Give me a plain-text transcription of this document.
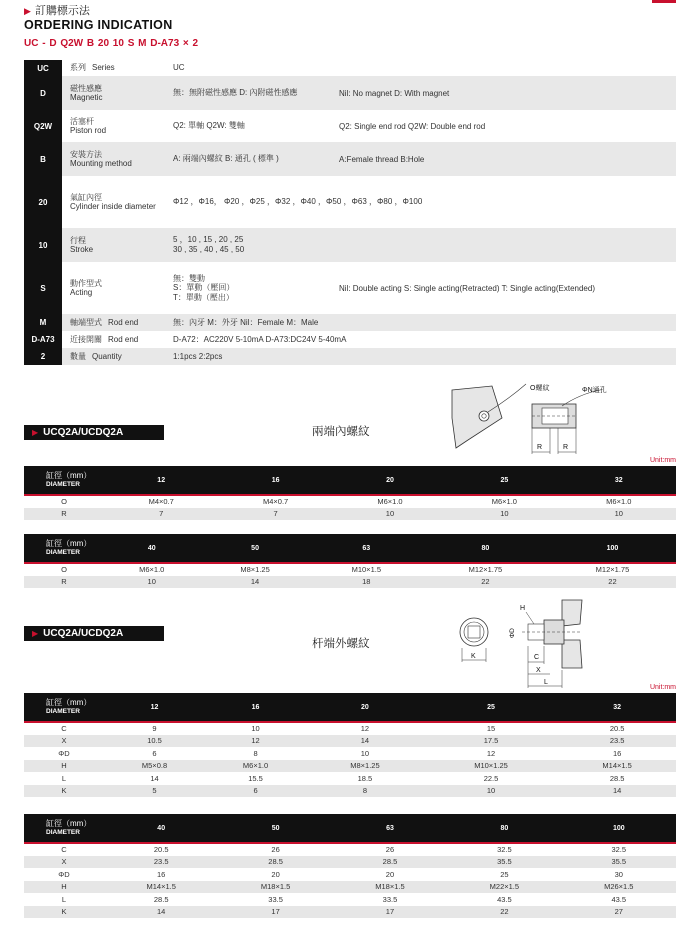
▶ 訂購標示法
ORDERING INDICATION
UC - D Q2W B 20 10 S M D-A73 × 2
UC	系列 Series	UC	

D	磁性感應
Magnetic	無：無附磁性感應 D: 內附磁性感應	Nil: No magnet D: With magnet
Q2W	活塞杆
Piston rod	Q2: 單軸 Q2W: 雙軸	Q2: Single end rod Q2W: Double end rod
B	安裝方法
Mounting method	A: 兩端內螺紋 B: 通孔 ( 標準 )	A:Female thread B:Hole
20	氣缸內徑
Cylinder inside diameter	Φ12 ，Φ16， Φ20 ，Φ25 ，Φ32 ，Φ40 ，Φ50 ，Φ63 ，Φ80 ，Φ100	

10	行程
Stroke	5 ，10 , 15 , 20 , 25
30 , 35 , 40 , 45 , 50	

S	動作型式
Acting	無：雙動
S：單動（壓回）
T：單動（壓出）	Nil: Double acting S: Single acting(Retracted) T: Single acting(Extended)
M	軸端型式 Rod end	無：內牙 M：外牙 Nil：Female M：Male	

D-A73	近接開關 Rod end	D-A72：AC220V 5-10mA D-A73:DC24V 5-40mA	

2	數量 Quantity	1:1pcs 2:2pcs	
▶ UCQ2A/UCDQ2A	兩端內螺紋
O螺紋	ΦN通孔
R	R
Unit:mm
缸徑（mm）
DIAMETER	12	16	20	25	32
O	M4×0.7	M4×0.7	M6×1.0	M6×1.0	M6×1.0
R	7	7	10	10	10
缸徑（mm）
DIAMETER	40	50	63	80	100
O	M6×1.0	M8×1.25	M10×1.5	M12×1.75	M12×1.75
R	10	14	18	22	22
▶ UCQ2A/UCDQ2A
杆端外螺紋
K
H
ΦD
C
X
L
Unit:mm
缸徑（mm）
DIAMETER	12	16	20	25	32
C	9	10	12	15	20.5
X	10.5	12	14	17.5	23.5
ΦD	6	8	10	12	16
H	M5×0.8	M6×1.0	M8×1.25	M10×1.25	M14×1.5
L	14	15.5	18.5	22.5	28.5
K	5	6	8	10	14
缸徑（mm）
DIAMETER	40	50	63	80	100
C	20.5	26	26	32.5	32.5
X	23.5	28.5	28.5	35.5	35.5
ΦD	16	20	20	25	30
H	M14×1.5	M18×1.5	M18×1.5	M22×1.5	M26×1.5
L	28.5	33.5	33.5	43.5	43.5
K	14	17	17	22	27
